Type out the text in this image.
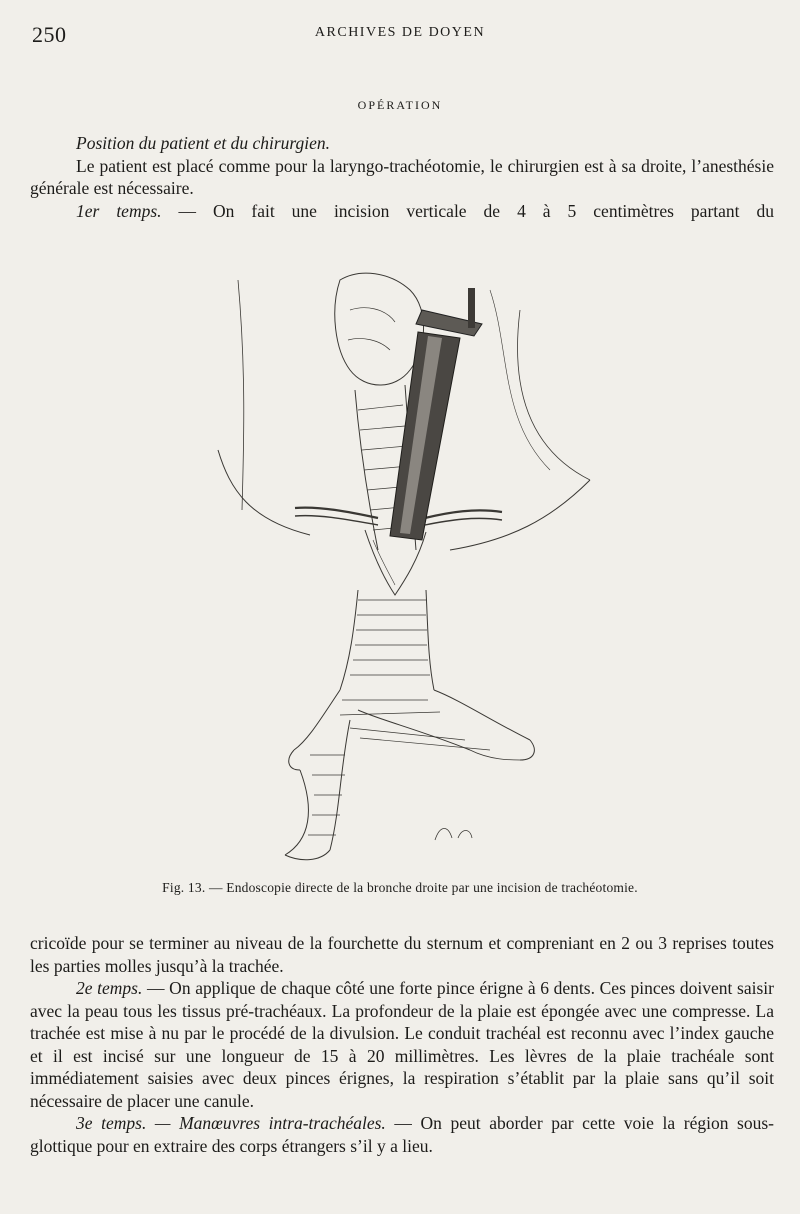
250	ARCHIVES DE DOYEN
OPÉRATION

Position du patient et du chirurgien.

Le patient est placé comme pour la laryngo-trachéotomie, le chirurgien est à sa droite, l’anesthésie générale est nécessaire.

1er temps. — On fait une incision verticale de 4 à 5 centimètres partant du

Fig. 13. — Endoscopie directe de la bronche droite par une incision de trachéotomie.

cricoïde pour se terminer au niveau de la fourchette du sternum et compreniant en 2 ou 3 reprises toutes les parties molles jusqu’à la trachée.

2e temps. — On applique de chaque côté une forte pince érigne à 6 dents. Ces pinces doivent saisir avec la peau tous les tissus pré-trachéaux. La profondeur de la plaie est épongée avec une compresse. La trachée est mise à nu par le procédé de la divulsion. Le conduit trachéal est reconnu avec l’index gauche et il est incisé sur une longueur de 15 à 20 millimètres. Les lèvres de la plaie trachéale sont immédiatement saisies avec deux pinces érignes, la respiration s’établit par la plaie sans qu’il soit nécessaire de placer une canule.

3e temps. — Manœuvres intra-trachéales. — On peut aborder par cette voie la région sous-glottique pour en extraire des corps étrangers s’il y a lieu.
